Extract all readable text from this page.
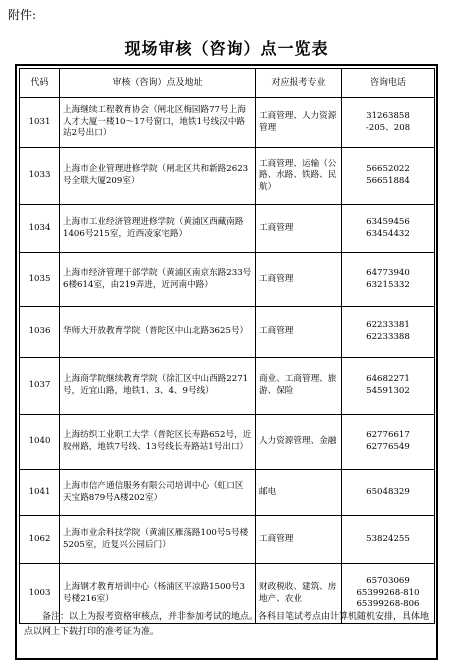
附件:
现场审核（咨询）点一览表
代码	审核（咨询）点及地址	对应报考专业	咨询电话
1031	上海继续工程教育协会（闸北区梅园路77号上海人才大厦一楼10～17号窗口，地铁1号线汉中路站2号出口）	工商管理、人力资源管理	31263858
-205、208

1033	上海市企业管理进修学院（闸北区共和新路2623号全联大厦209室）	工商管理、运输（公路、水路、铁路、民航）	56652022
56651884

1034	上海市工业经济管理进修学院（黄浦区西藏南路1406号215室，近西凌家宅路）	工商管理	63459456
63454432

1035	上海市经济管理干部学院（黄浦区南京东路233号6楼614室，由219弄进，近河南中路）	工商管理	64773940
63215332

1036	华师大开放教育学院（普陀区中山北路3625号）	工商管理	62233381
62233388

1037	上海商学院继续教育学院（徐汇区中山西路2271号，近宜山路，地铁1、3、4、9号线）	商业、工商管理、旅游、保险	64682271
54591302

1040	上海纺织工业职工大学（普陀区长寿路652号，近胶州路，地铁7号线、13号线长寿路站1号出口）	人力资源管理、金融	62776617
62776549

1041	上海市信产通信服务有限公司培训中心（虹口区天宝路879号A楼202室）	邮电	65048329

1062	上海市业余科技学院（黄浦区雁荡路100号5号楼5205室，近复兴公园后门）	工商管理	53824255

1003	上海钢才教育培训中心（杨浦区平凉路1500号3号楼216室）	财政税收、建筑、房地产、农业	65703069
65399268-810
65399268-806
备注：以上为报考资格审核点，并非参加考试的地点。各科目笔试考点由计算机随机安排，具体地点以网上下载打印的准考证为准。
